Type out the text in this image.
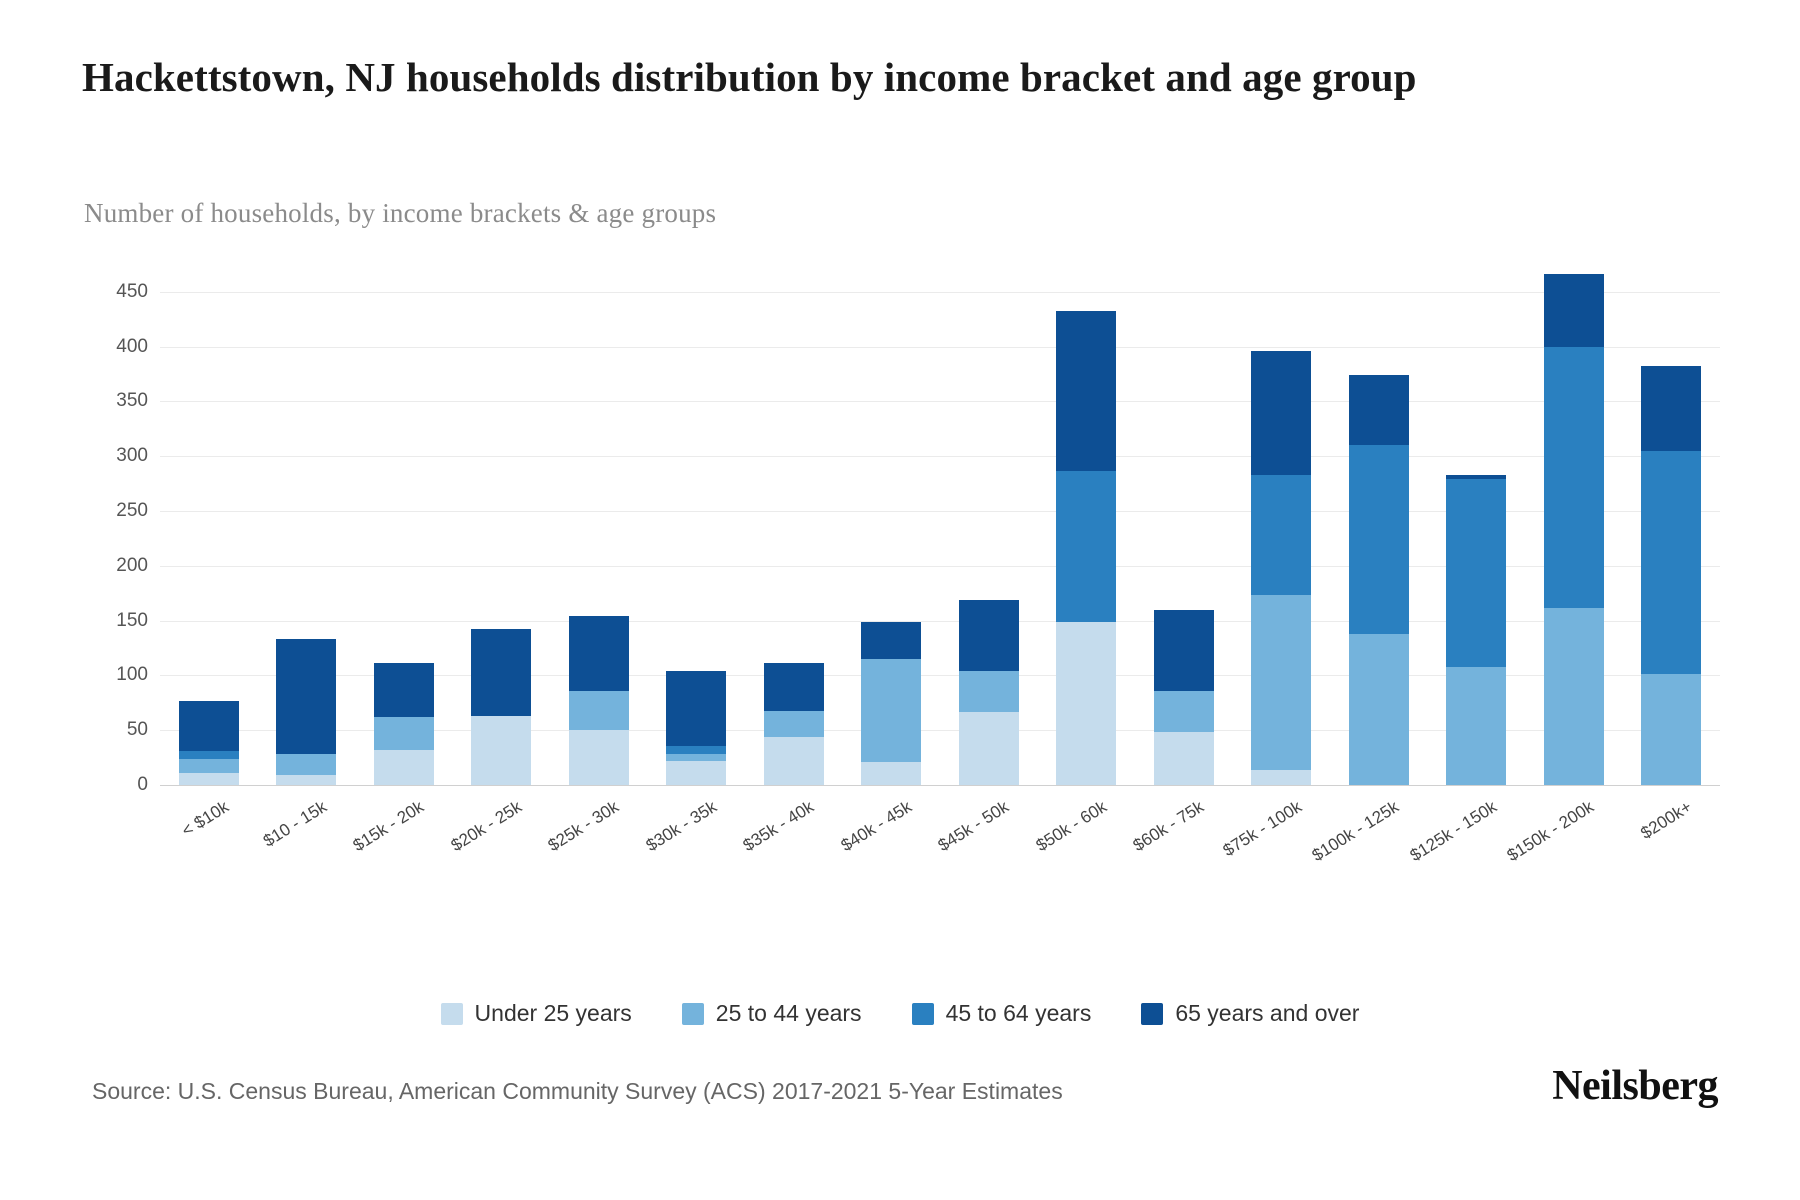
Hackettstown, NJ households distribution by income bracket and age group
Number of households, by income brackets & age groups
0
50
100
150
200
250
300
350
400
450
< $10k $10 - 15k $15k - 20k $20k - 25k $25k - 30k $30k - 35k $35k - 40k $40k - 45k $45k - 50k $50k - 60k $60k - 75k $75k - 100k $100k - 125k $125k - 150k $150k - 200k $200k+
Under 25 years	25 to 44 years	45 to 64 years	65 years and over
Source: U.S. Census Bureau, American Community Survey (ACS) 2017-2021 5-Year Estimates	Neilsberg
